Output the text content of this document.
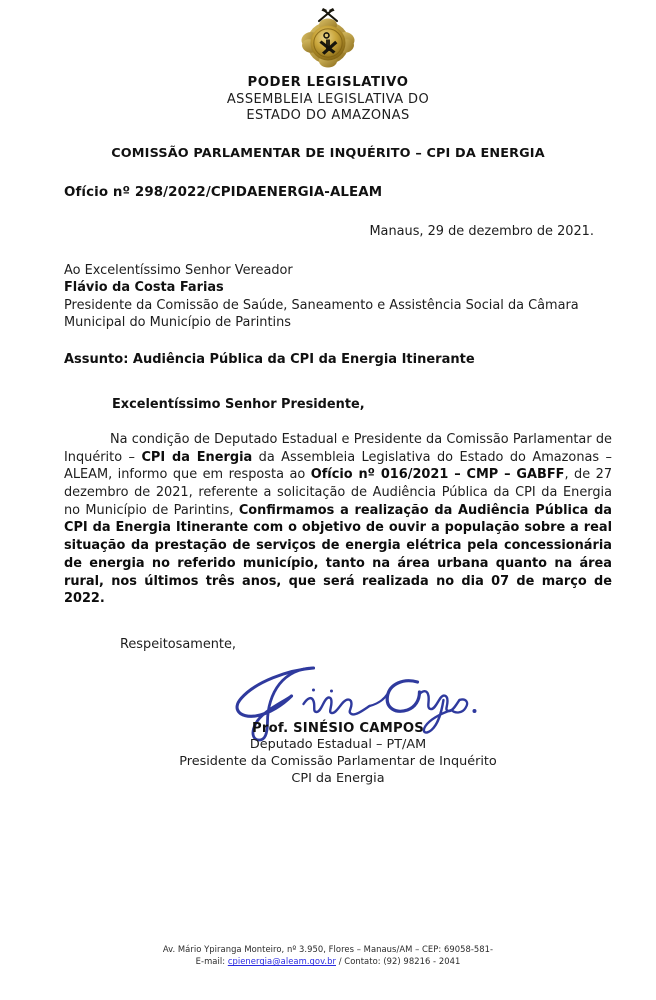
PODER LEGISLATIVO
ASSEMBLEIA LEGISLATIVA DO
ESTADO DO AMAZONAS
COMISSÃO PARLAMENTAR DE INQUÉRITO – CPI DA ENERGIA
Ofício nº 298/2022/CPIDAENERGIA-ALEAM
Manaus, 29 de dezembro de 2021.
Ao Excelentíssimo Senhor Vereador
Flávio da Costa Farias
Presidente da Comissão de Saúde, Saneamento e Assistência Social da Câmara
Municipal do Município de Parintins
Assunto: Audiência Pública da CPI da Energia Itinerante
Excelentíssimo Senhor Presidente,
Na condição de Deputado Estadual e Presidente da Comissão Parlamentar de Inquérito – CPI da Energia da Assembleia Legislativa do Estado do Amazonas – ALEAM, informo que em resposta ao Ofício nº 016/2021 – CMP – GABFF, de 27 dezembro de 2021, referente a solicitação de Audiência Pública da CPI da Energia no Município de Parintins, Confirmamos a realização da Audiência Pública da CPI da Energia Itinerante com o objetivo de ouvir a população sobre a real situação da prestação de serviços de energia elétrica pela concessionária de energia no referido município, tanto na área urbana quanto na área rural, nos últimos três anos, que será realizada no dia 07 de março de 2022.
Respeitosamente,
Prof. SINÉSIO CAMPOS
Deputado Estadual – PT/AM
Presidente da Comissão Parlamentar de Inquérito
CPI da Energia
Av. Mário Ypiranga Monteiro, nº 3.950, Flores – Manaus/AM – CEP: 69058-581-
E-mail: cpienergia@aleam.gov.br / Contato: (92) 98216 - 2041
